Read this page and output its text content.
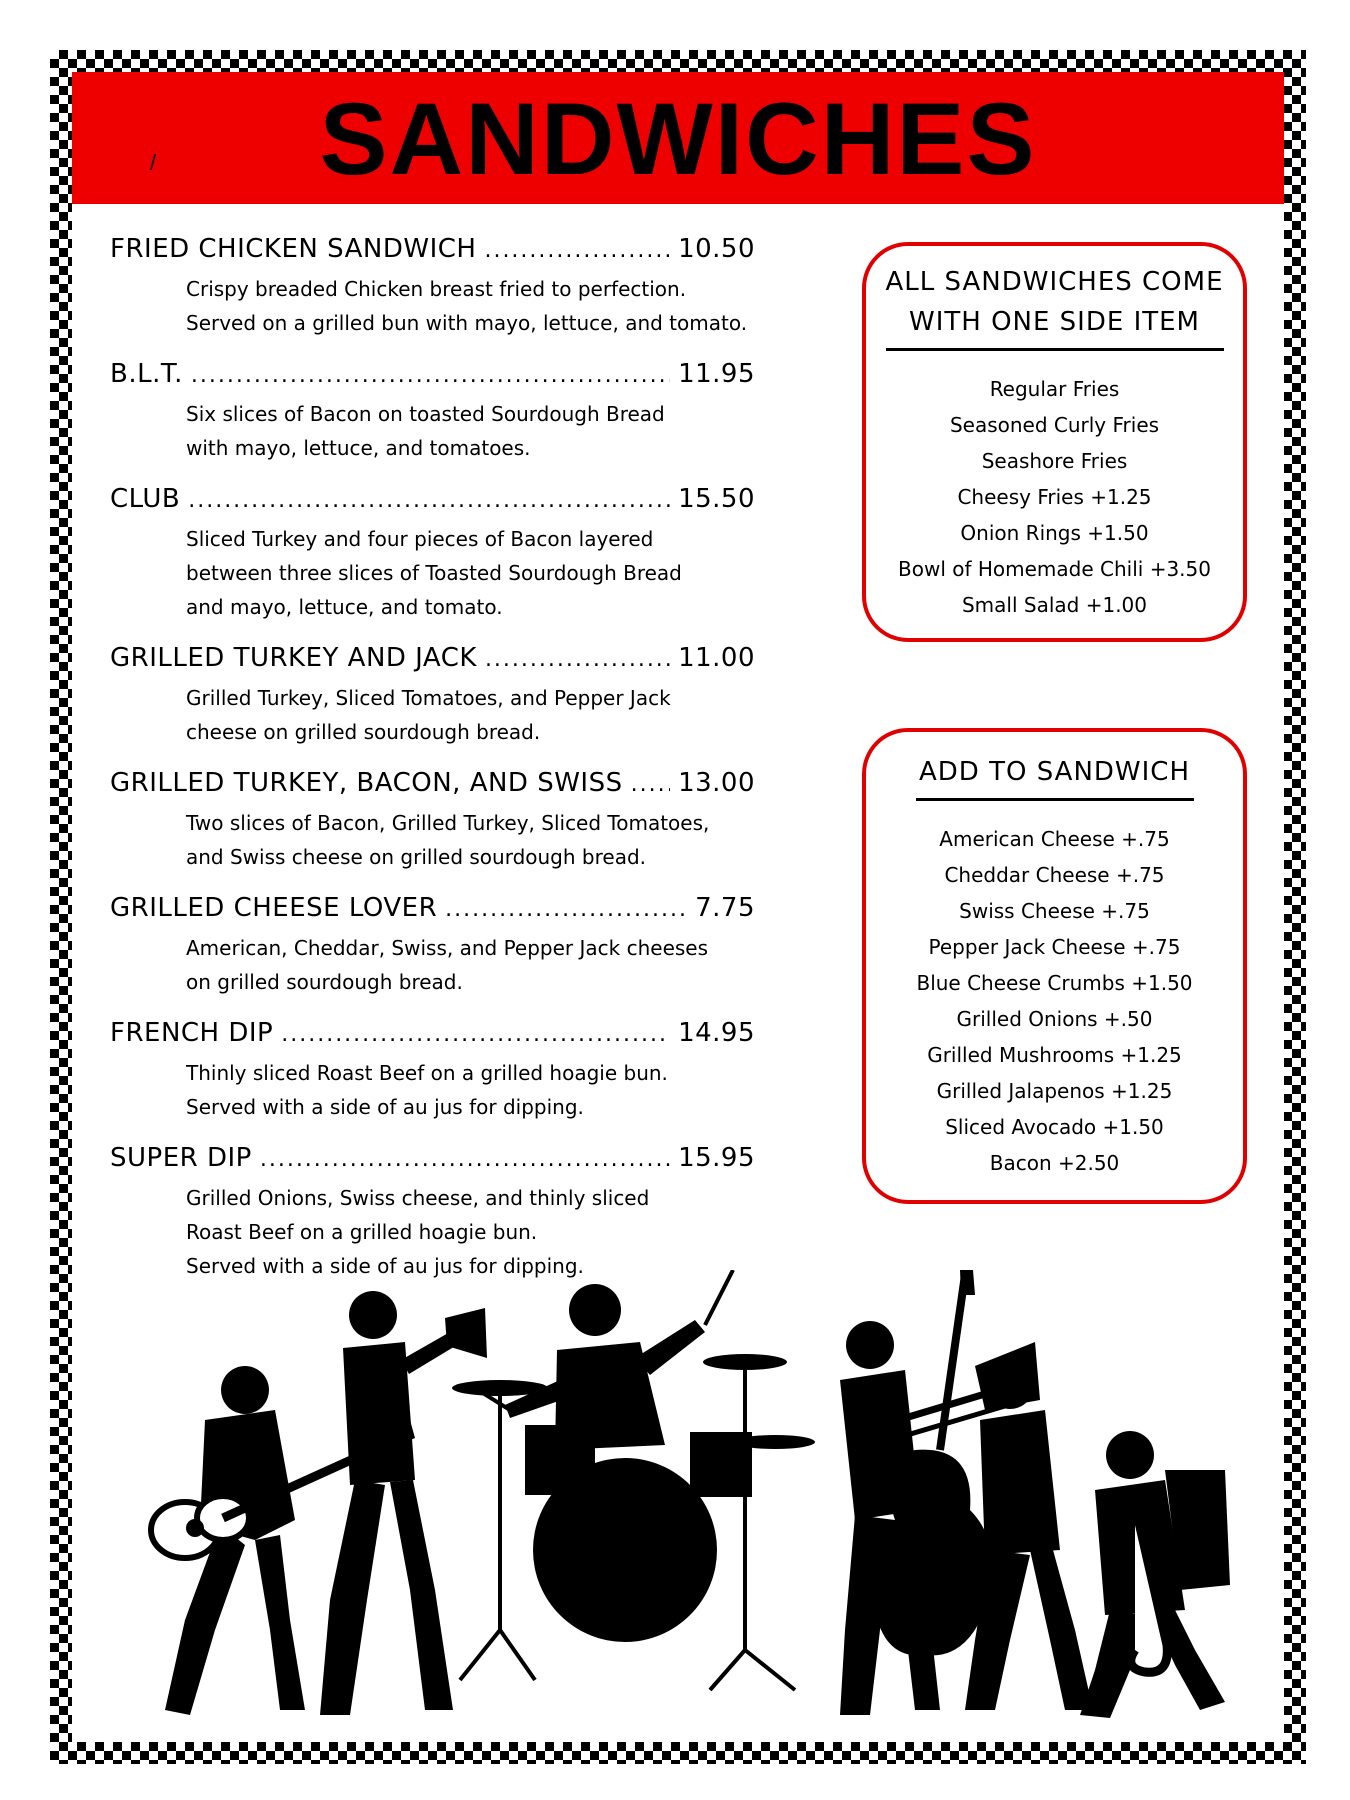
SANDWICHES
/
FRIED CHICKEN SANDWICH .....	10.50
Crispy breaded Chicken breast fried to perfection.
Served on a grilled bun with mayo, lettuce, and tomato.
B.L.T. .....	11.95
Six slices of Bacon on toasted Sourdough Bread
with mayo, lettuce, and tomatoes.
CLUB .....	15.50
Sliced Turkey and four pieces of Bacon layered
between three slices of Toasted Sourdough Bread
and mayo, lettuce, and tomato.
GRILLED TURKEY AND JACK .....	11.00
Grilled Turkey, Sliced Tomatoes, and Pepper Jack
cheese on grilled sourdough bread.
GRILLED TURKEY, BACON, AND SWISS ..... 13.00
Two slices of Bacon, Grilled Turkey, Sliced Tomatoes,
and Swiss cheese on grilled sourdough bread.
GRILLED CHEESE LOVER .....	7.75
American, Cheddar, Swiss, and Pepper Jack cheeses
on grilled sourdough bread.
FRENCH DIP .....	14.95
Thinly sliced Roast Beef on a grilled hoagie bun.
Served with a side of au jus for dipping.
SUPER DIP .....	15.95
Grilled Onions, Swiss cheese, and thinly sliced
Roast Beef on a grilled hoagie bun.
Served with a side of au jus for dipping.
ALL SANDWICHES COME
WITH ONE SIDE ITEM
Regular Fries
Seasoned Curly Fries
Seashore Fries
Cheesy Fries +1.25
Onion Rings +1.50
Bowl of Homemade Chili +3.50
Small Salad +1.00
ADD TO SANDWICH
American Cheese +.75
Cheddar Cheese +.75
Swiss Cheese +.75
Pepper Jack Cheese +.75
Blue Cheese Crumbs +1.50
Grilled Onions +.50
Grilled Mushrooms +1.25
Grilled Jalapenos +1.25
Sliced Avocado +1.50
Bacon +2.50
